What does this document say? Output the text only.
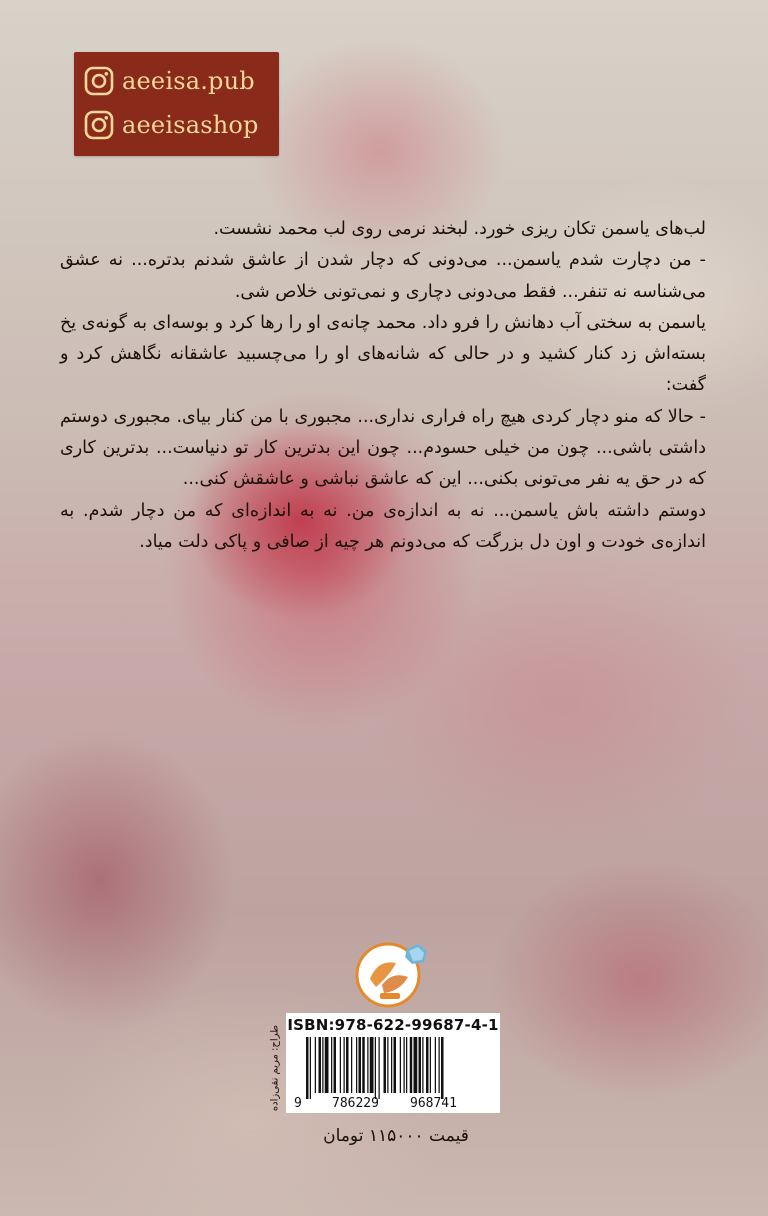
aeeisa.pub
aeeisashop

لب‌های یاسمن تکان ریزی خورد. لبخند نرمی روی لب محمد نشست.

- من دچارت شدم یاسمن... می‌دونی که دچار شدن از عاشق شدنم بدتره... نه عشق می‌شناسه نه تنفر... فقط می‌دونی دچاری و نمی‌تونی خلاص شی.

یاسمن به سختی آب دهانش را فرو داد. محمد چانه‌ی او را رها کرد و بوسه‌ای به گونه‌ی یخ بسته‌اش زد کنار کشید و در حالی که شانه‌های او را می‌چسبید عاشقانه نگاهش کرد و گفت:

- حالا که منو دچار کردی هیچ راه فراری نداری... مجبوری با من کنار بیای. مجبوری دوستم داشتی باشی... چون من خیلی حسودم... چون این بدترین کار تو دنیاست... بدترین کاری که در حق یه نفر می‌تونی بکنی... این که عاشق نباشی و عاشقش کنی...

دوستم داشته باش یاسمن... نه به اندازه‌ی من. نه به اندازه‌ای که من دچار شدم. به اندازه‌ی خودت و اون دل بزرگت که می‌دونم هر چیه از صافی و پاکی دلت میاد.

طراح: مریم نقی‌زاده ISBN:978-622-99687-4-1
9 786229 968741
قیمت ۱۱۵۰۰۰ تومان
